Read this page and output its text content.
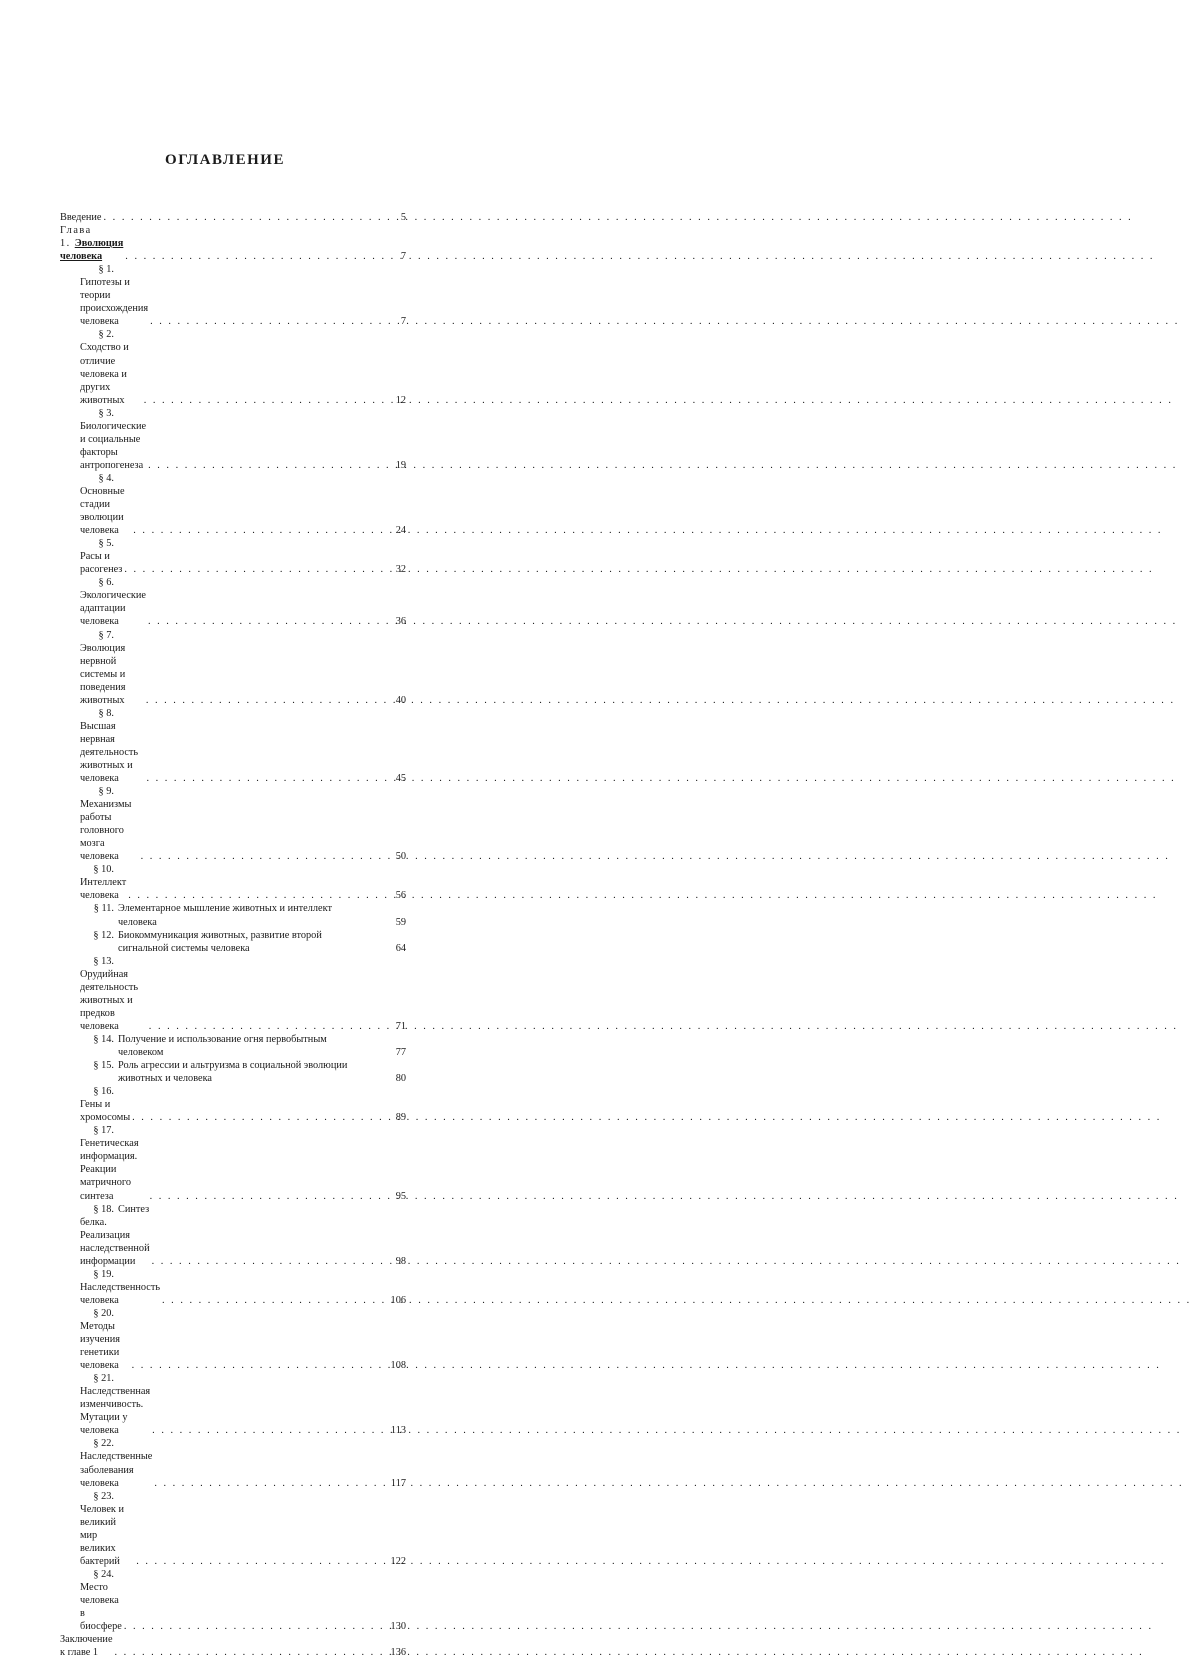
ОГЛАВЛЕНИЕ
Введение . . .	5
Глава 1. Эволюция человека . . .	7
§ 1.Гипотезы и теории происхождения человека . . .	7
§ 2.Сходство и отличие человека и других животных . . .	12
§ 3.Биологические и социальные факторы антропогенеза . . .	19
§ 4.Основные стадии эволюции человека . . .	24
§ 5.Расы и расогенез . . .	32
§ 6.Экологические адаптации человека . . .	36
§ 7.Эволюция нервной системы и поведения животных . . .	40
§ 8.Высшая нервная деятельность животных и человека . . .	45
§ 9.Механизмы работы головного мозга человека . . .	50
§ 10.Интеллект человека . . .	56
§ 11. Элементарное мышление животных и интеллект человека	59
§ 12. Биокоммуникация животных, развитие второй сигнальной системы человека	64
§ 13.Орудийная деятельность животных и предков человека . . .	71
§ 14. Получение и использование огня первобытным человеком	77
§ 15. Роль агрессии и альтруизма в социальной эволюции животных и человека	80
§ 16.Гены и хромосомы . . .	89
§ 17.Генетическая информация. Реакции матричного синтеза . . .	95
§ 18. Синтез белка. Реализация наследственной информации . . .	98
§ 19.Наследственность человека . . .	106
§ 20.Методы изучения генетики человека . . .	108
§ 21.Наследственная изменчивость. Мутации у человека . . .	113
§ 22.Наследственные заболевания человека . . .	117
§ 23.Человек и великий мир великих бактерий . . .	122
§ 24.Место человека в биосфере . . .	130
Заключение к главе 1 . . .	136
